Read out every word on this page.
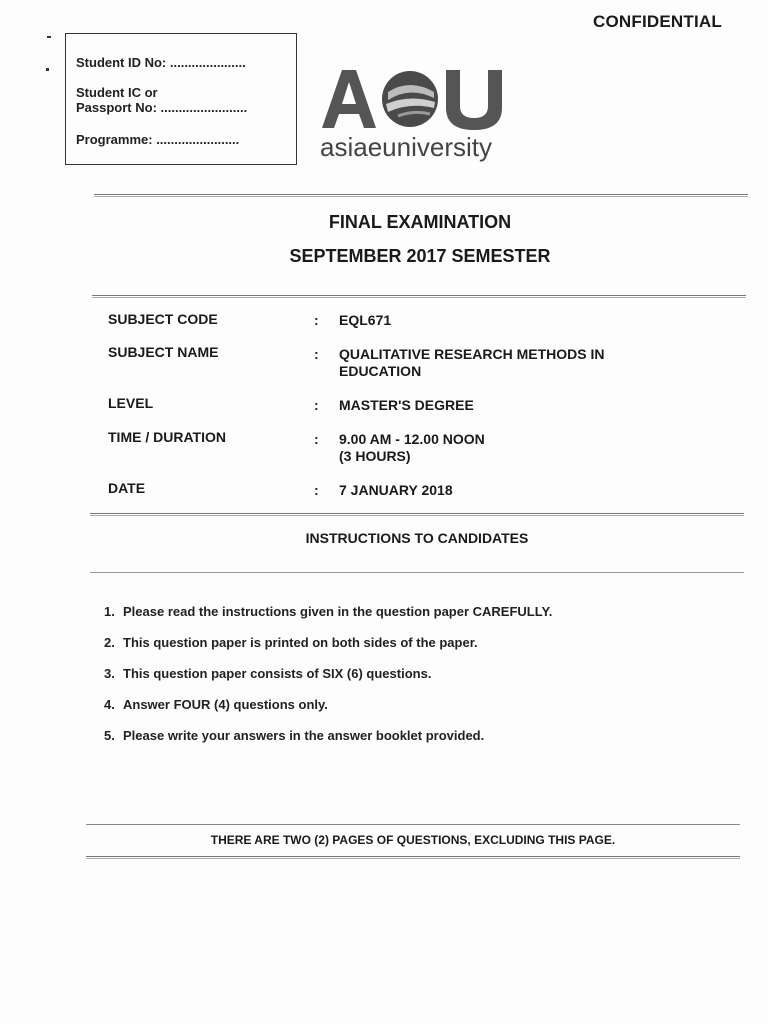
CONFIDENTIAL
Student ID No: .....................
Student IC or
Passport No: ........................
Programme: .......................	asiaeuniversity
FINAL EXAMINATION
SEPTEMBER 2017 SEMESTER
SUBJECT CODE	: EQL671
SUBJECT NAME	: QUALITATIVE RESEARCH METHODS IN
EDUCATION
LEVEL	: MASTER'S DEGREE
TIME / DURATION	: 9.00 AM - 12.00 NOON
(3 HOURS)
DATE	: 7 JANUARY 2018
INSTRUCTIONS TO CANDIDATES
1. Please read the instructions given in the question paper CAREFULLY.
2. This question paper is printed on both sides of the paper.
3. This question paper consists of SIX (6) questions.
4. Answer FOUR (4) questions only.
5. Please write your answers in the answer booklet provided.
THERE ARE TWO (2) PAGES OF QUESTIONS, EXCLUDING THIS PAGE.
